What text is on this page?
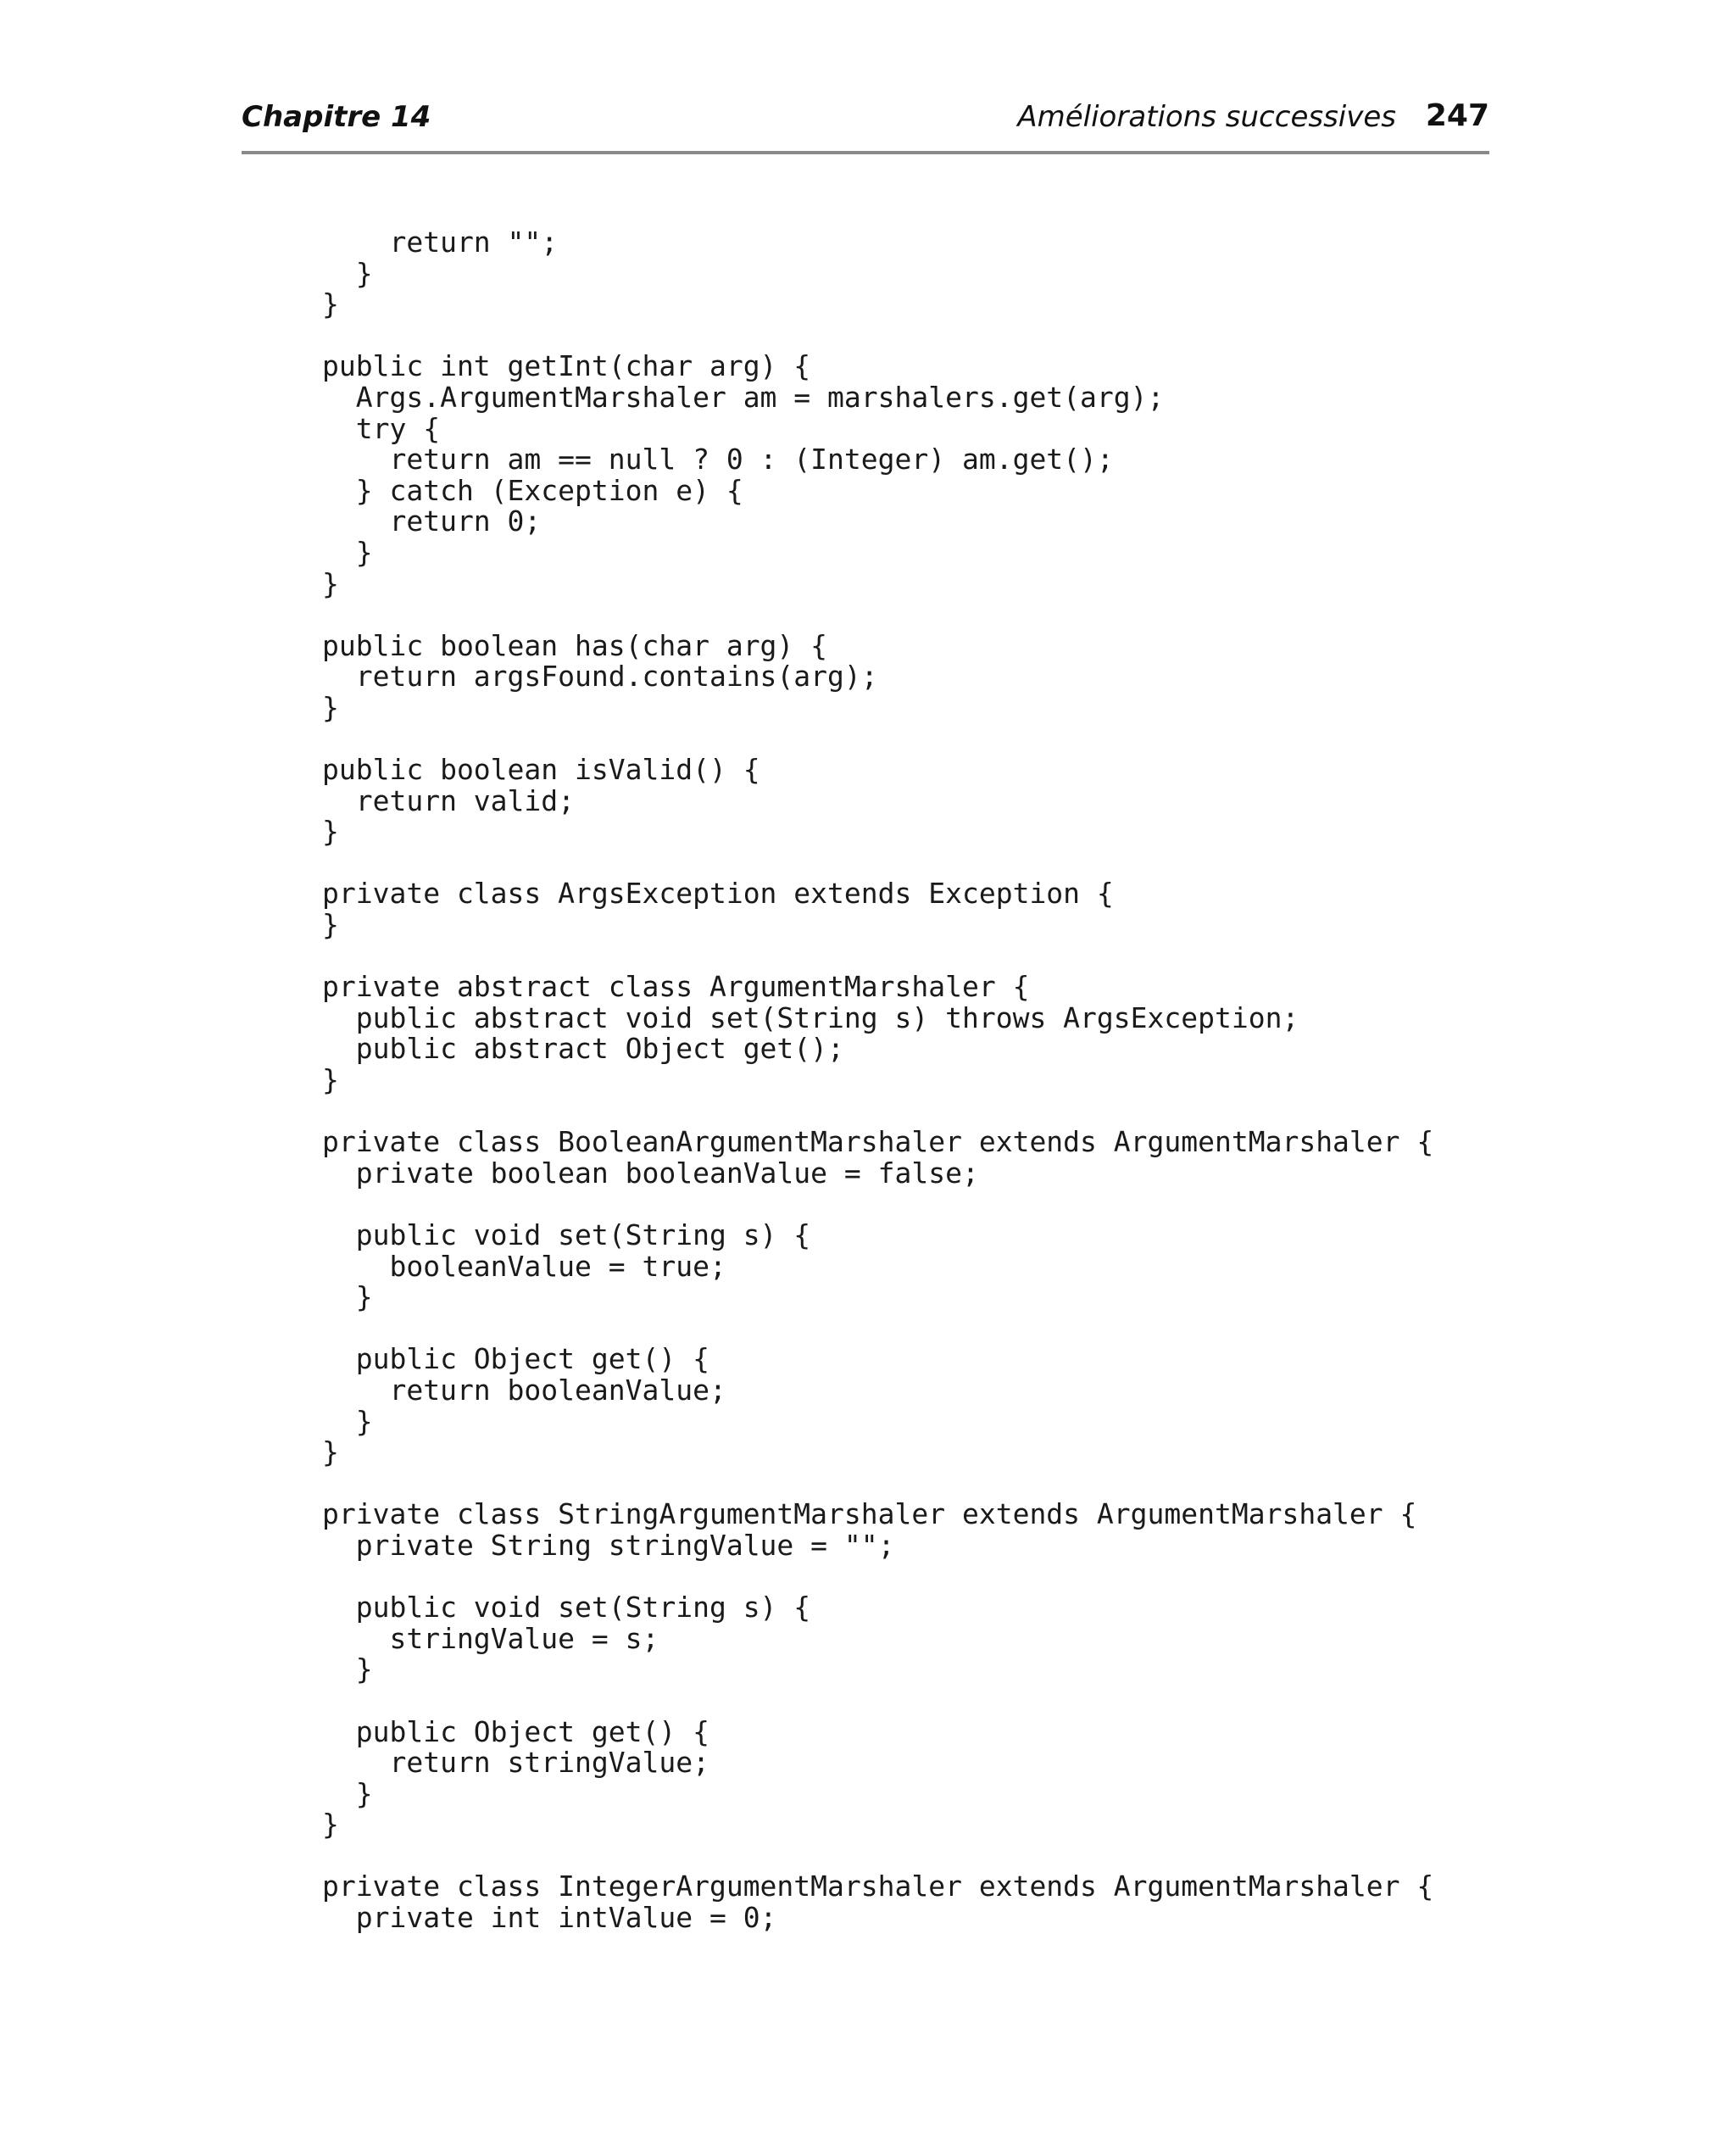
Chapitre 14	Améliorations successives 247
return "";
}
}
public int getInt(char arg) {
Args.ArgumentMarshaler am = marshalers.get(arg);
try {
return am == null ? 0 : (Integer) am.get();
} catch (Exception e) {
return 0;
}
}
public boolean has(char arg) {
return argsFound.contains(arg);
}
public boolean isValid() {
return valid;
}
private class ArgsException extends Exception {
}
private abstract class ArgumentMarshaler {
public abstract void set(String s) throws ArgsException;
public abstract Object get();
}
private class BooleanArgumentMarshaler extends ArgumentMarshaler {
private boolean booleanValue = false;
public void set(String s) {
booleanValue = true;
}
public Object get() {
return booleanValue;
}
}
private class StringArgumentMarshaler extends ArgumentMarshaler {
private String stringValue = "";
public void set(String s) {
stringValue = s;
}
public Object get() {
return stringValue;
}
}
private class IntegerArgumentMarshaler extends ArgumentMarshaler {
private int intValue = 0;
